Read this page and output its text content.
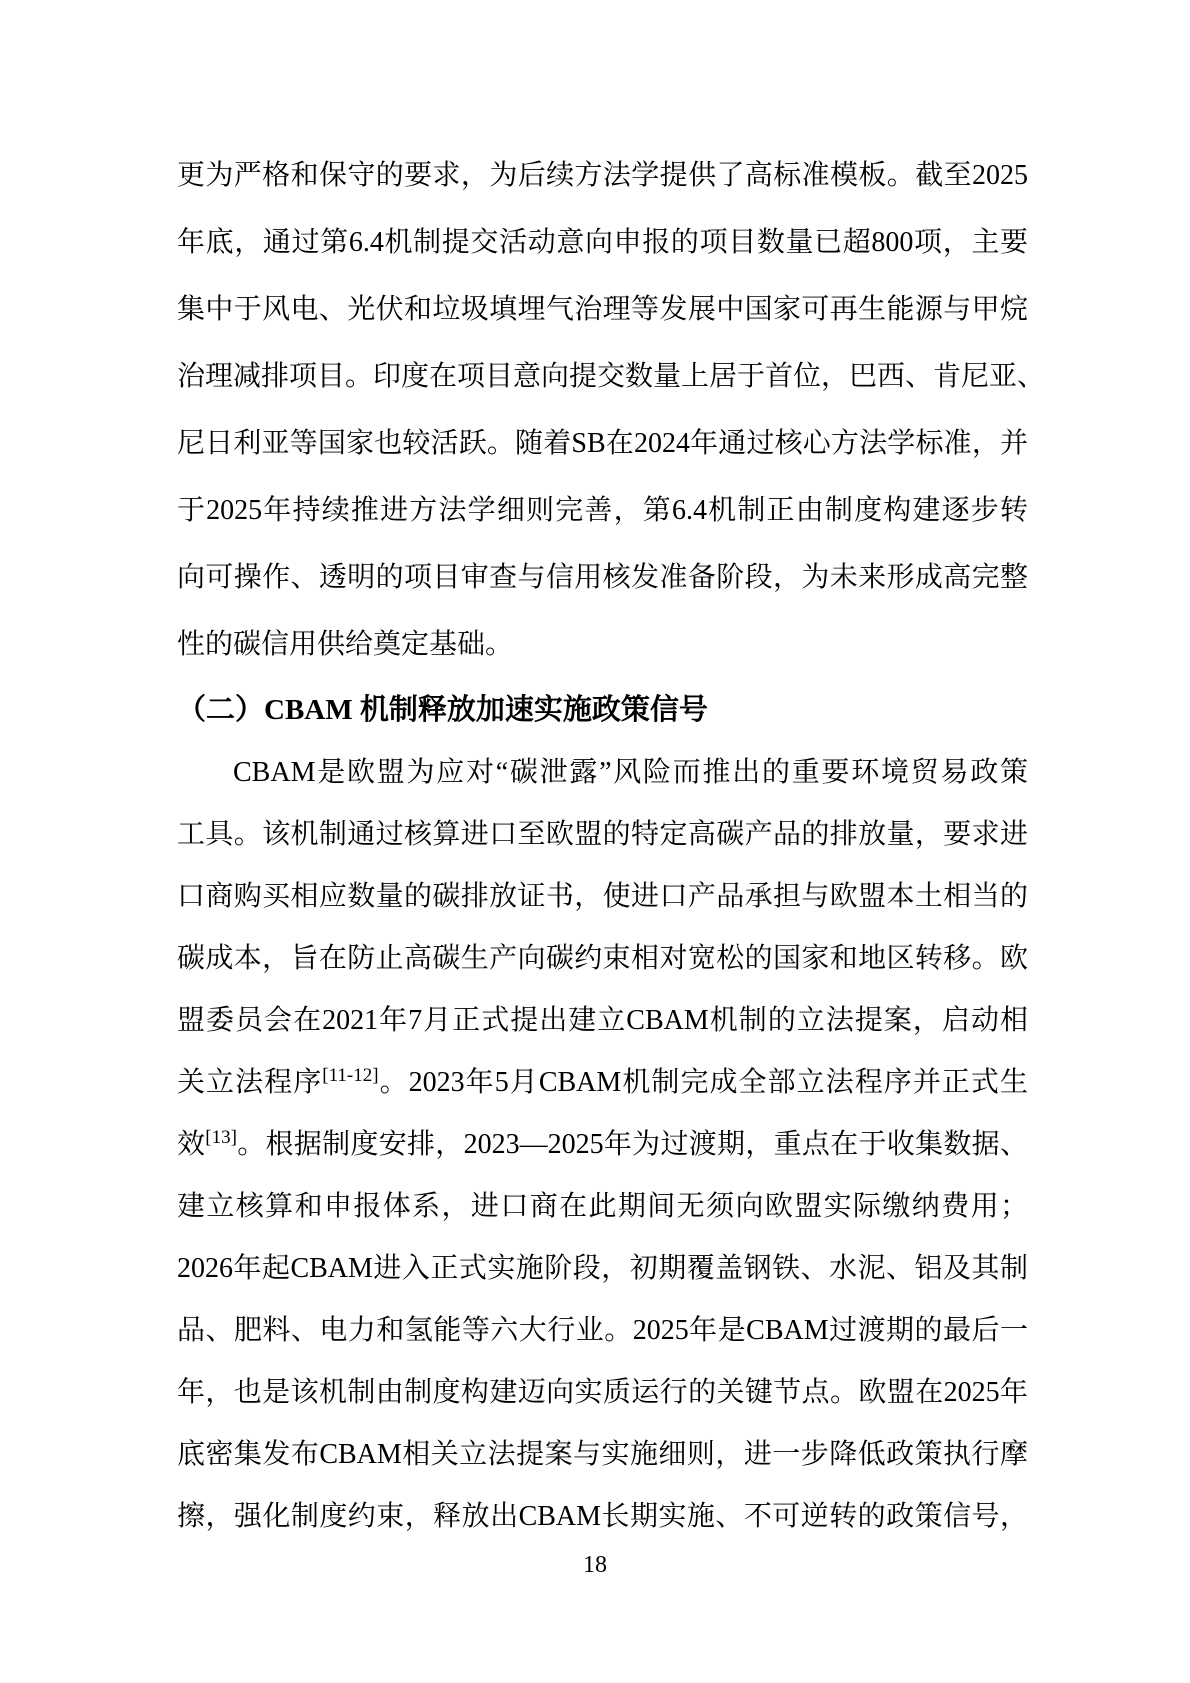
更为严格和保守的要求，为后续方法学提供了高标准模板。截至2025
年底，通过第6.4机制提交活动意向申报的项目数量已超800项，主要
集中于风电、光伏和垃圾填埋气治理等发展中国家可再生能源与甲烷
治理减排项目。印度在项目意向提交数量上居于首位，巴西、肯尼亚、
尼日利亚等国家也较活跃。随着SB在2024年通过核心方法学标准，并
于2025年持续推进方法学细则完善，第6.4机制正由制度构建逐步转
向可操作、透明的项目审查与信用核发准备阶段，为未来形成高完整
性的碳信用供给奠定基础。
（二）CBAM 机制释放加速实施政策信号
CBAM是欧盟为应对“碳泄露”风险而推出的重要环境贸易政策
工具。该机制通过核算进口至欧盟的特定高碳产品的排放量，要求进
口商购买相应数量的碳排放证书，使进口产品承担与欧盟本土相当的
碳成本，旨在防止高碳生产向碳约束相对宽松的国家和地区转移。欧
盟委员会在2021年7月正式提出建立CBAM机制的立法提案，启动相
关立法程序[11-12]。2023年5月CBAM机制完成全部立法程序并正式生
效[13]。根据制度安排，2023—2025年为过渡期，重点在于收集数据、
建立核算和申报体系，进口商在此期间无须向欧盟实际缴纳费用；
2026年起CBAM进入正式实施阶段，初期覆盖钢铁、水泥、铝及其制
品、肥料、电力和氢能等六大行业。2025年是CBAM过渡期的最后一
年，也是该机制由制度构建迈向实质运行的关键节点。欧盟在2025年
底密集发布CBAM相关立法提案与实施细则，进一步降低政策执行摩
擦，强化制度约束，释放出CBAM长期实施、不可逆转的政策信号，
18
